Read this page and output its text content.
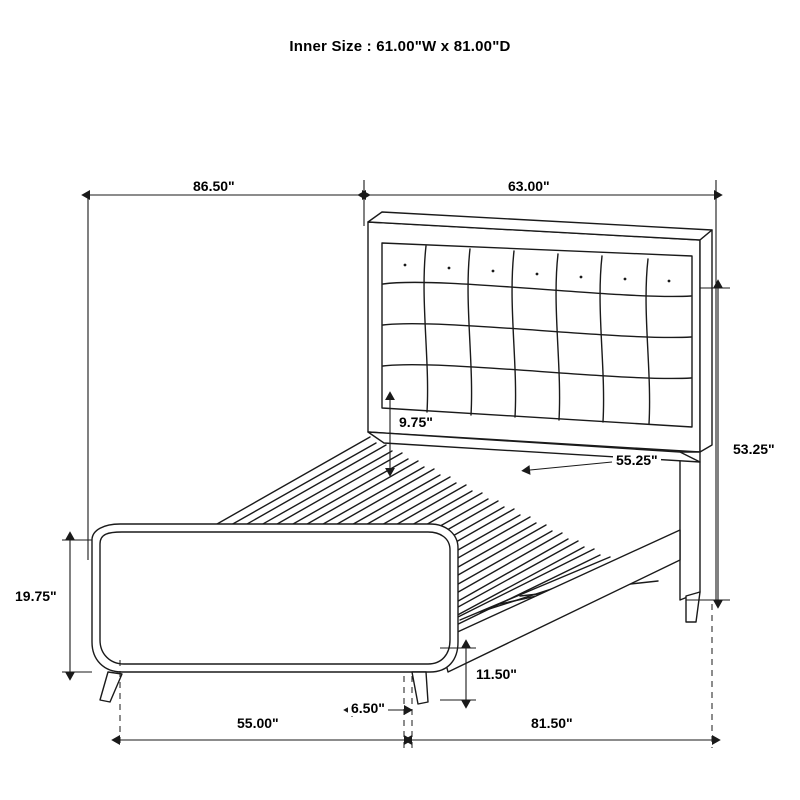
Inner Size : 61.00"W x 81.00"D
86.50"	63.00"
53.25"
9.75"
55.25"
19.75"
11.50"
6.50"
55.00"	81.50"
